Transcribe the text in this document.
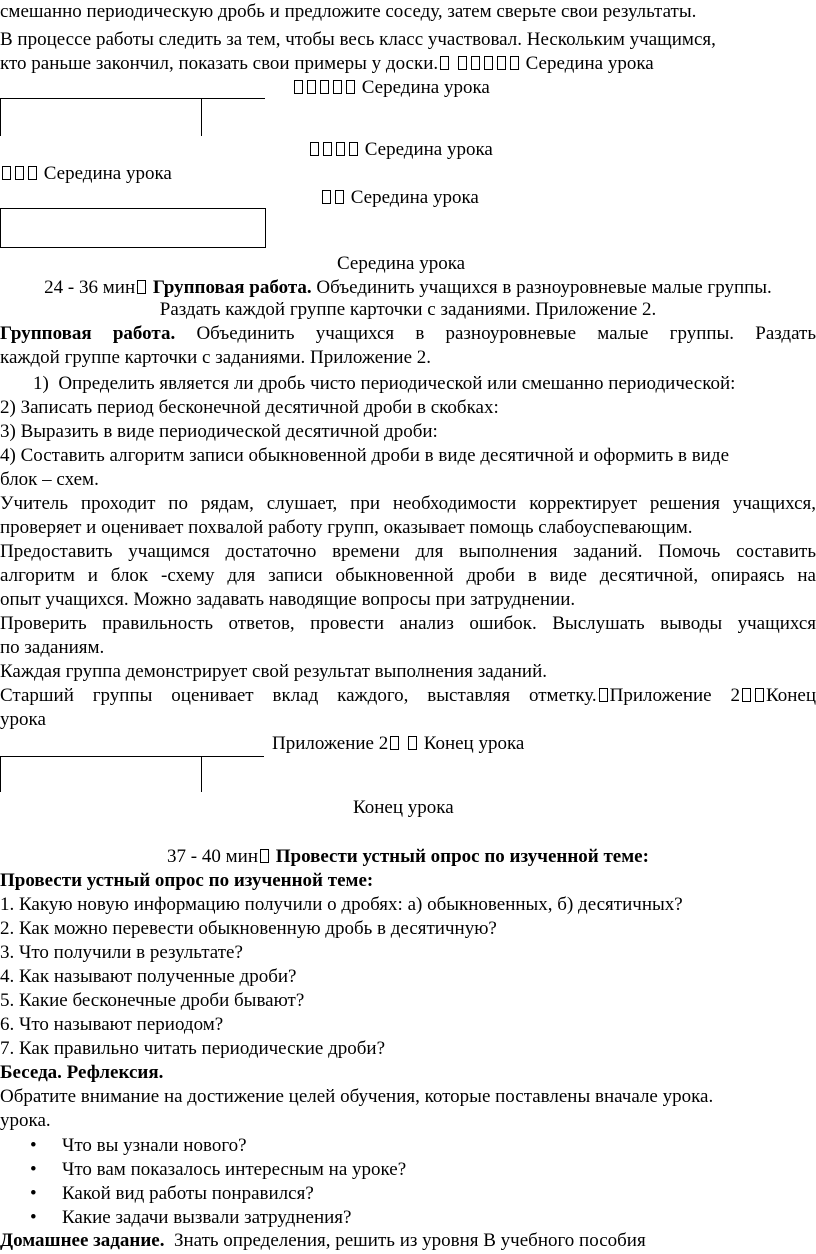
смешанно периодическую дробь и предложите соседу, затем сверьте свои результаты.
В процессе работы следить за тем, чтобы весь класс участвовал. Нескольким учащимся,
кто раньше закончил, показать свои примеры у доски.	Середина урока
Середина урока
Середина урока
Середина урока
Середина урока
Середина урока
24 - 36 мин Групповая работа. Объединить учащихся в разноуровневые малые группы.
Раздать каждой группе карточки с заданиями. Приложение 2.
Групповая работа. Объединить учащихся в разноуровневые малые группы. Раздать
каждой группе карточки с заданиями. Приложение 2.
1) Определить является ли дробь чисто периодической или смешанно периодической:
2) Записать период бесконечной десятичной дроби в скобках:
3) Выразить в виде периодической десятичной дроби:
4) Составить алгоритм записи обыкновенной дроби в виде десятичной и оформить в виде
блок – схем.
Учитель проходит по рядам, слушает, при необходимости корректирует решения учащихся,
проверяет и оценивает похвалой работу групп, оказывает помощь слабоуспевающим.
Предоставить учащимся достаточно времени для выполнения заданий. Помочь составить
алгоритм и блок -схему для записи обыкновенной дроби в виде десятичной, опираясь на
опыт учащихся. Можно задавать наводящие вопросы при затруднении.
Проверить правильность ответов, провести анализ ошибок. Выслушать выводы учащихся
по заданиям.
Каждая группа демонстрирует свой результат выполнения заданий.
Старший группы оценивает вклад каждого, выставляя отметку. Приложение 2 Конец
урока
Приложение 2 Конец урока
Конец урока
37 - 40 мин Провести устный опрос по изученной теме:
Провести устный опрос по изученной теме:
1. Какую новую информацию получили о дробях: а) обыкновенных, б) десятичных?
2. Как можно перевести обыкновенную дробь в десятичную?
3. Что получили в результате?
4. Как называют полученные дроби?
5. Какие бесконечные дроби бывают?
6. Что называют периодом?
7. Как правильно читать периодические дроби?
Беседа. Рефлексия.
Обратите внимание на достижение целей обучения, которые поставлены вначале урока.
урока.
• Что вы узнали нового?
• Что вам показалось интересным на уроке?
• Какой вид работы понравился?
• Какие задачи вызвали затруднения?
Домашнее задание. Знать определения, решить из уровня В учебного пособия
